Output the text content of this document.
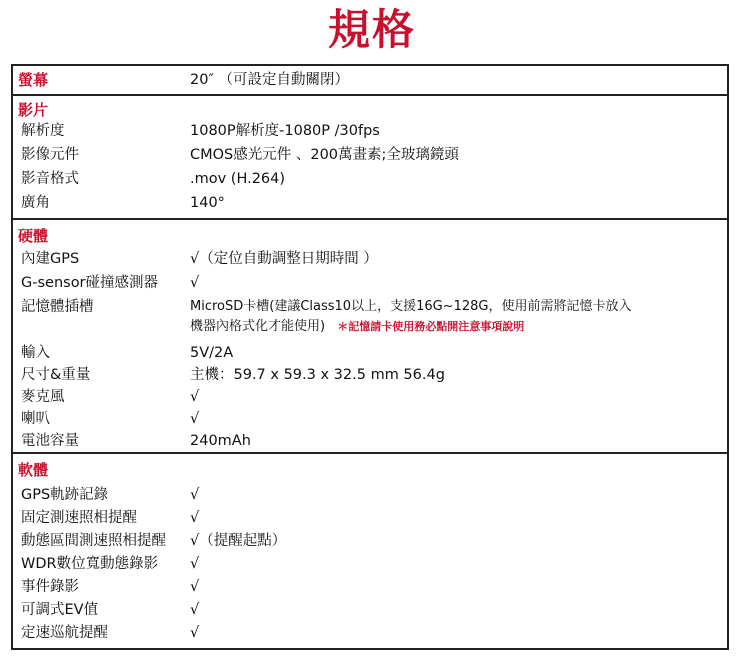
規格
螢幕	20″ （可設定自動關閉）
影片
解析度	1080P解析度-1080P /30fps
影像元件	CMOS感光元件 、200萬畫素;全玻璃鏡頭
影音格式	.mov (H.264)
廣角	140°
硬體
內建GPS	√（定位自動調整日期時間 ）
G-sensor碰撞感測器 √
記憶體插槽	MicroSD卡槽(建議Class10以上，支援16G~128G，使用前需將記憶卡放入
機器內格式化才能使用) ＊記憶請卡使用務必點開注意事項說明
輸入	5V/2A
尺寸&重量	主機：59.7 x 59.3 x 32.5 mm 56.4g
麥克風	√
喇叭	√
電池容量	240mAh
軟體
GPS軌跡記錄	√
固定測速照相提醒	√
動態區間測速照相提醒 √（提醒起點）
WDR數位寬動態錄影 √
事件錄影	√
可調式EV值	√
定速巡航提醒	√
